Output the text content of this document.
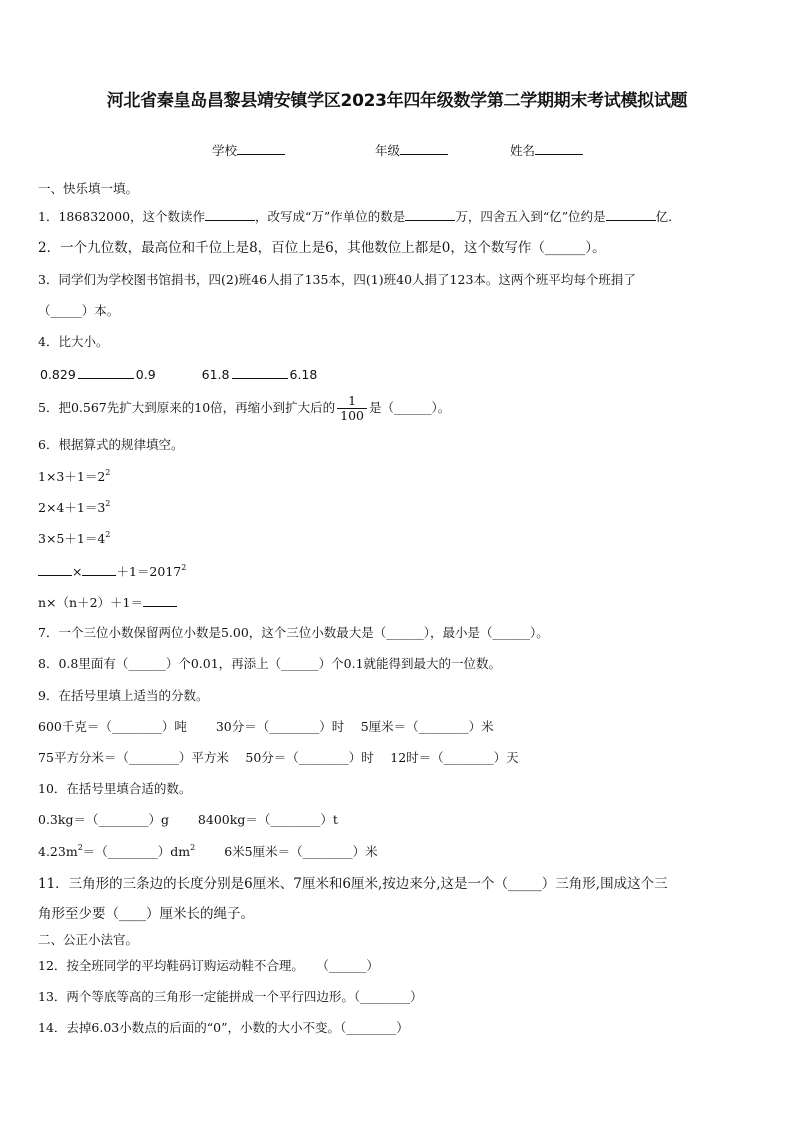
河北省秦皇岛昌黎县靖安镇学区2023年四年级数学第二学期期末考试模拟试题
学校	年级	姓名
一、快乐填一填。
1．186832000，这个数读作	，改写成“万”作单位的数是	万，四舍五入到“亿”位约是	亿．
2．一个九位数，最高位和千位上是8，百位上是6，其他数位上都是0，这个数写作（______）。
3．同学们为学校图书馆捐书，四(2)班46人捐了135本，四(1)班40人捐了123本。这两个班平均每个班捐了
（_____）本。
4．比大小。
0.829	0.9	61.8	6.18
5．把0.567先扩大到原来的10倍，再缩小到扩大后的 $\frac{1}{100}$ 是（______）。
6．根据算式的规律填空。
$1\times 3+1=2^2$
$2\times 4+1=3^2$
$3\times 5+1=4^2$
×	$+1=2017^2$
n×（n＋2）＋1＝
7．一个三位小数保留两位小数是5.00，这个三位小数最大是（______），最小是（______）。
8．0.8里面有（______）个0.01，再添上（______）个0.1就能得到最大的一位数。
9．在括号里填上适当的分数。
600千克＝（________）吨　　 30分＝（________）时　 5厘米＝（________）米
75平方分米＝（________）平方米　 50分＝（________）时　 12时＝（________）天
10．在括号里填合适的数。
0.3kg＝（________）g　　 8400kg＝（________）t
$4.23m^2=(\_\_\_\_\_\_\_\_)dm^2$　　 6米5厘米＝（________）米
11．三角形的三条边的长度分别是6厘米、7厘米和6厘米,按边来分,这是一个（_____）三角形,围成这个三
角形至少要（____）厘米长的绳子。
二、公正小法官。
12．按全班同学的平均鞋码订购运动鞋不合理。　　（______）
13．两个等底等高的三角形一定能拼成一个平行四边形。（________）
14．去掉6.03小数点的后面的“0”，小数的大小不变。（________）
